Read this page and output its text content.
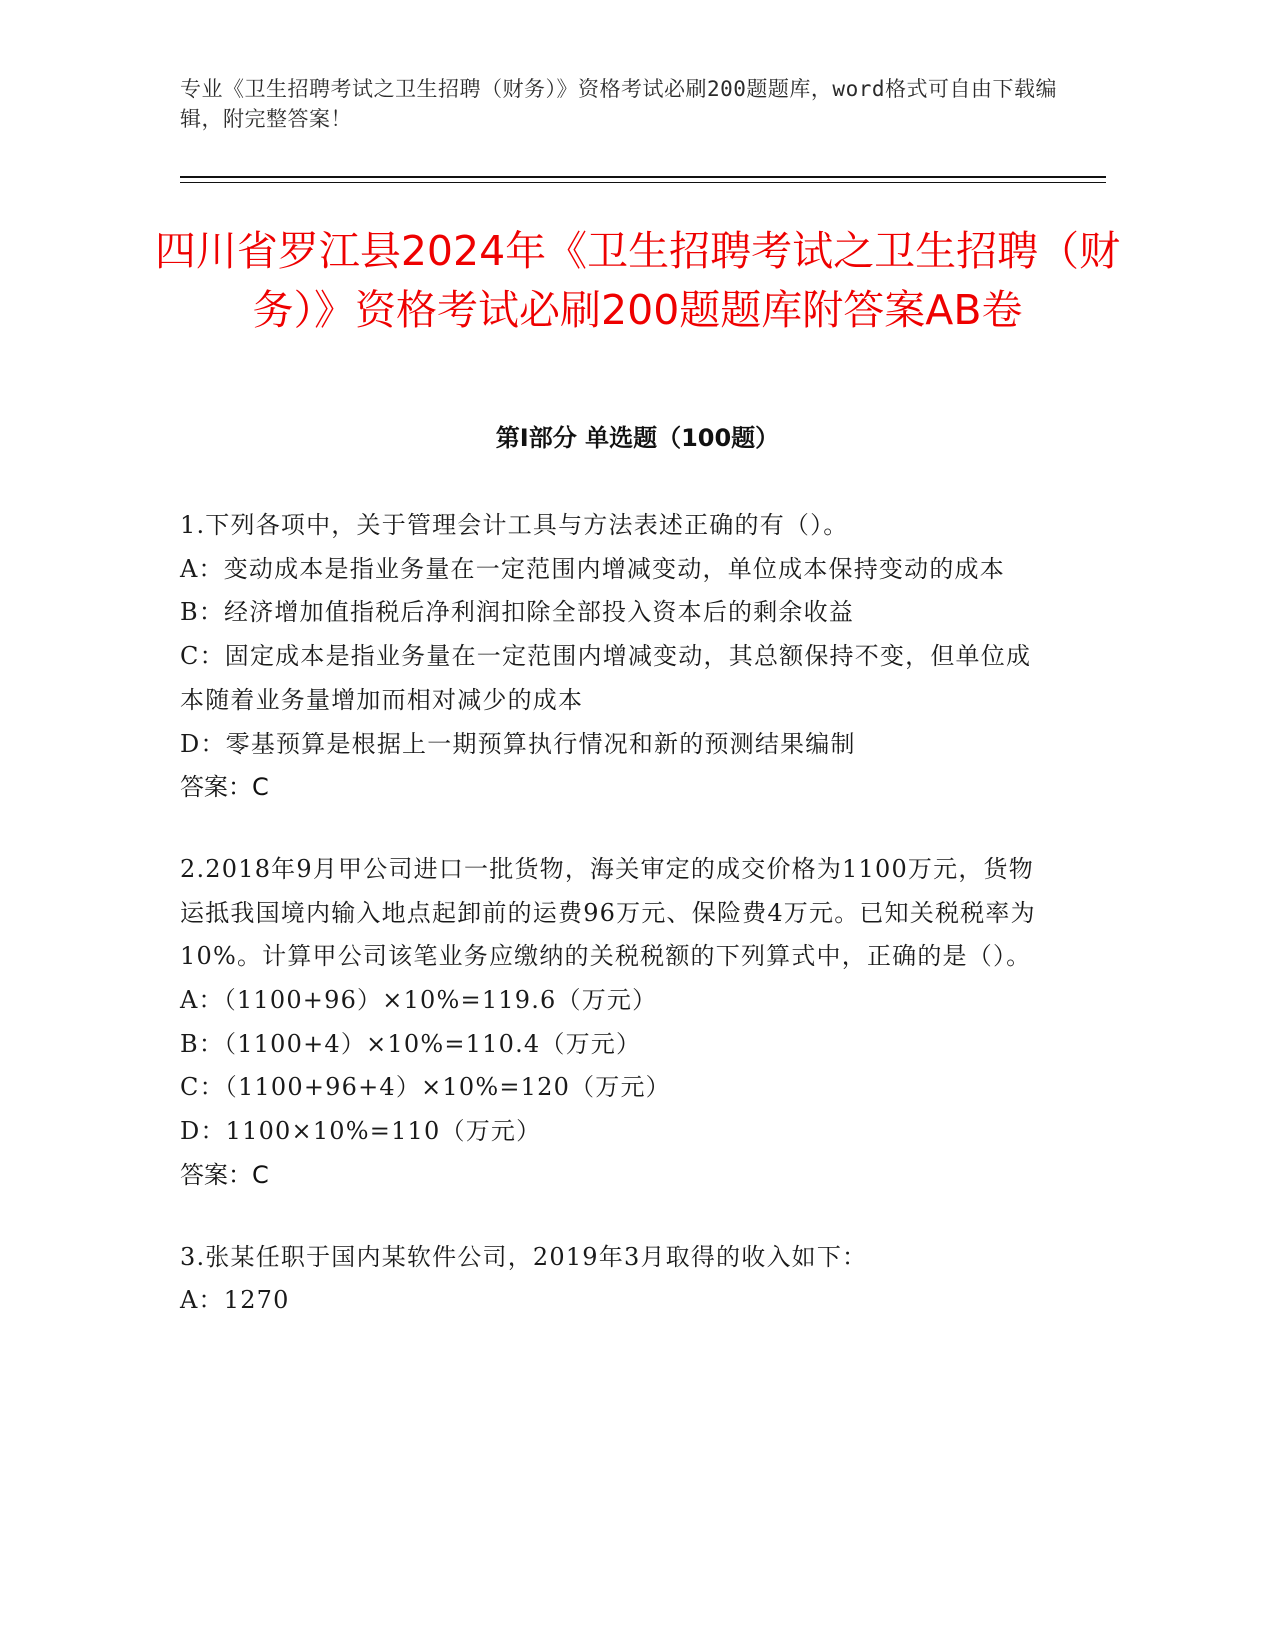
专业《卫生招聘考试之卫生招聘（财务）》资格考试必刷200题题库，word格式可自由下载编辑，附完整答案！
四川省罗江县2024年《卫生招聘考试之卫生招聘（财务）》资格考试必刷200题题库附答案AB卷
第I部分 单选题（100题）

1.下列各项中，关于管理会计工具与方法表述正确的有（）。

A：变动成本是指业务量在一定范围内增减变动，单位成本保持变动的成本

B：经济增加值指税后净利润扣除全部投入资本后的剩余收益

C：固定成本是指业务量在一定范围内增减变动，其总额保持不变，但单位成本随着业务量增加而相对减少的成本

D：零基预算是根据上一期预算执行情况和新的预测结果编制

答案：C

2.2018年9月甲公司进口一批货物，海关审定的成交价格为1100万元，货物运抵我国境内输入地点起卸前的运费96万元、保险费4万元。已知关税税率为10%。计算甲公司该笔业务应缴纳的关税税额的下列算式中，正确的是（）。

A：（1100+96）×10%=119.6（万元）

B：（1100+4）×10%=110.4（万元）

C：（1100+96+4）×10%=120（万元）

D：1100×10%=110（万元）

答案：C

3.张某任职于国内某软件公司，2019年3月取得的收入如下：

A：1270
